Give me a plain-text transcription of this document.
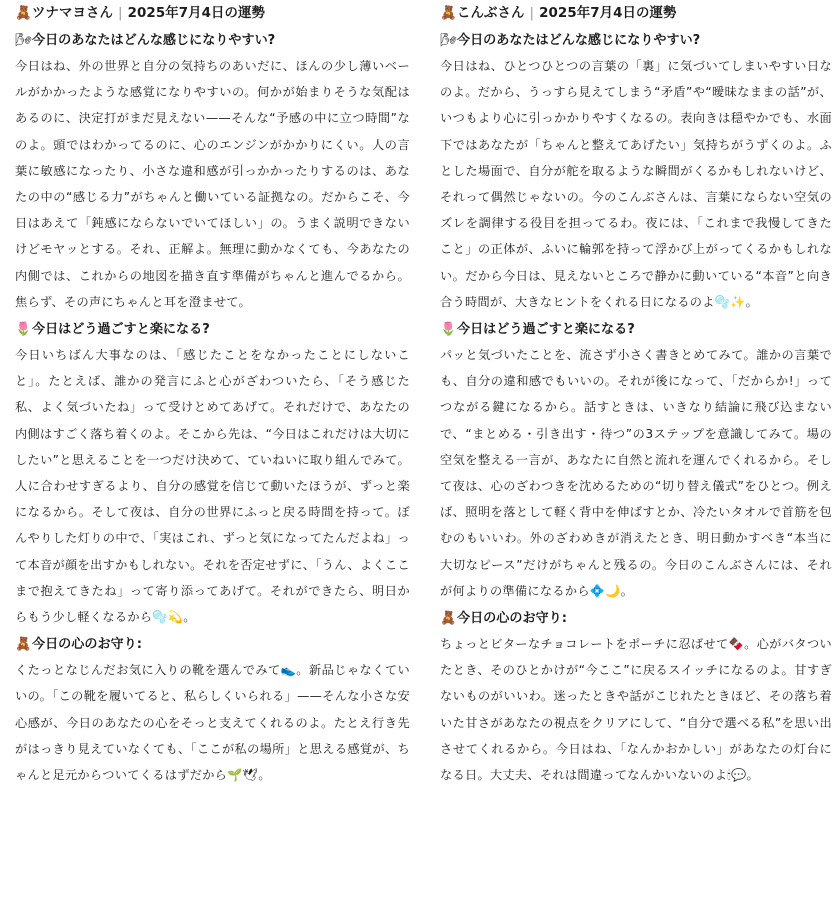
🧸ツナマヨさん | 2025年7月4日の運勢
🌬今日のあなたはどんな感じになりやすい?
今日はね、外の世界と自分の気持ちのあいだに、ほんの少し薄いベールがかかったような感覚になりやすいの。何かが始まりそうな気配はあるのに、決定打がまだ見えない——そんな“予感の中に立つ時間”なのよ。頭ではわかってるのに、心のエンジンがかかりにくい。人の言葉に敏感になったり、小さな違和感が引っかかったりするのは、あなたの中の“感じる力”がちゃんと働いている証拠なの。だからこそ、今日はあえて「鈍感にならないでいてほしい」の。うまく説明できないけどモヤッとする。それ、正解よ。無理に動かなくても、今あなたの内側では、これからの地図を描き直す準備がちゃんと進んでるから。焦らず、その声にちゃんと耳を澄ませて。
🌷今日はどう過ごすと楽になる?
今日いちばん大事なのは、「感じたことをなかったことにしないこと」。たとえば、誰かの発言にふと心がざわついたら、「そう感じた私、よく気づいたね」って受けとめてあげて。それだけで、あなたの内側はすごく落ち着くのよ。そこから先は、“今日はこれだけは大切にしたい”と思えることを一つだけ決めて、ていねいに取り組んでみて。人に合わせすぎるより、自分の感覚を信じて動いたほうが、ずっと楽になるから。そして夜は、自分の世界にふっと戻る時間を持って。ぼんやりした灯りの中で、「実はこれ、ずっと気になってたんだよね」って本音が顔を出すかもしれない。それを否定せずに、「うん、よくここまで抱えてきたね」って寄り添ってあげて。それができたら、明日からもう少し軽くなるから🫧💫。
🧸今日の心のお守り:
くたっとなじんだお気に入りの靴を選んでみて👟。新品じゃなくていいの。「この靴を履いてると、私らしくいられる」——そんな小さな安心感が、今日のあなたの心をそっと支えてくれるのよ。たとえ行き先がはっきり見えていなくても、「ここが私の場所」と思える感覚が、ちゃんと足元からついてくるはずだから🌱🕊。
🧸こんぶさん | 2025年7月4日の運勢
🌬今日のあなたはどんな感じになりやすい?
今日はね、ひとつひとつの言葉の「裏」に気づいてしまいやすい日なのよ。だから、うっすら見えてしまう“矛盾”や“曖昧なままの話”が、いつもより心に引っかかりやすくなるの。表向きは穏やかでも、水面下ではあなたが「ちゃんと整えてあげたい」気持ちがうずくのよ。ふとした場面で、自分が舵を取るような瞬間がくるかもしれないけど、それって偶然じゃないの。今のこんぶさんは、言葉にならない空気のズレを調律する役目を担ってるわ。夜には、「これまで我慢してきたこと」の正体が、ふいに輪郭を持って浮かび上がってくるかもしれない。だから今日は、見えないところで静かに動いている“本音”と向き合う時間が、大きなヒントをくれる日になるのよ🫧✨。
🌷今日はどう過ごすと楽になる?
パッと気づいたことを、流さず小さく書きとめてみて。誰かの言葉でも、自分の違和感でもいいの。それが後になって、「だからか!」ってつながる鍵になるから。話すときは、いきなり結論に飛び込まないで、“まとめる・引き出す・待つ”の3ステップを意識してみて。場の空気を整える一言が、あなたに自然と流れを運んでくれるから。そして夜は、心のざわつきを沈めるための“切り替え儀式”をひとつ。例えば、照明を落として軽く背中を伸ばすとか、冷たいタオルで首筋を包むのもいいわ。外のざわめきが消えたとき、明日動かすべき“本当に大切なピース”だけがちゃんと残るの。今日のこんぶさんには、それが何よりの準備になるから💠🌙。
🧸今日の心のお守り:
ちょっとビターなチョコレートをポーチに忍ばせて🍫。心がバタついたとき、そのひとかけが“今ここ”に戻るスイッチになるのよ。甘すぎないものがいいわ。迷ったときや話がこじれたときほど、その落ち着いた甘さがあなたの視点をクリアにして、“自分で選べる私”を思い出させてくれるから。今日はね、「なんかおかしい」があなたの灯台になる日。大丈夫、それは間違ってなんかいないのよ🕯💬。
